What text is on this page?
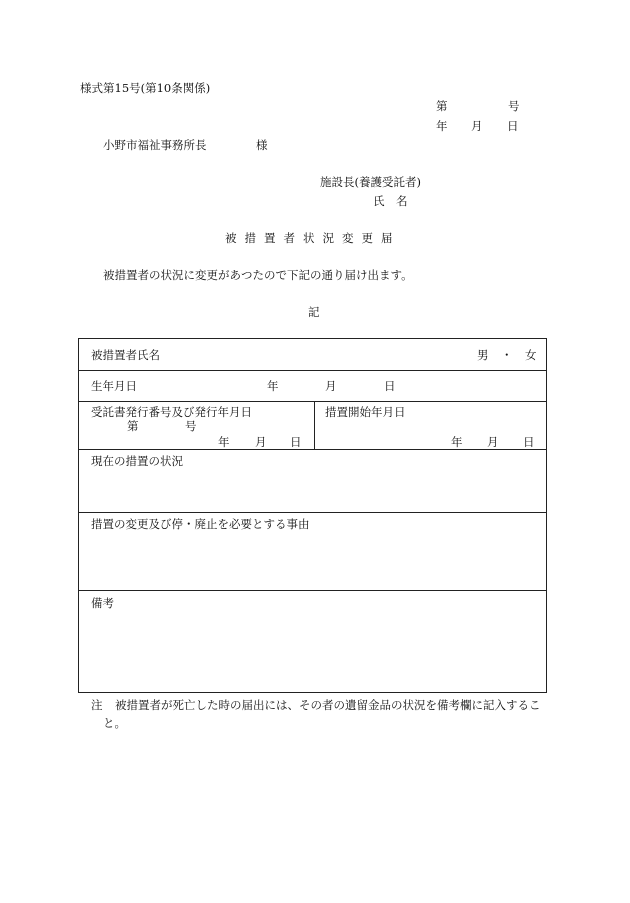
様式第15号(第10条関係)
第	号
年 月 日
小野市福祉事務所長	様
施設長(養護受託者)
氏　名
被措置者状況変更届
被措置者の状況に変更があつたので下記の通り届け出ます。
記
被措置者氏名	男 ・ 女

生年月日	年	月	日

受託書発行番号及び発行年月日
第	号
年 月 日

措置開始年月日
年 月 日

現在の措置の状況

措置の変更及び停・廃止を必要とする事由

備考
注 被措置者が死亡した時の届出には、その者の遺留金品の状況を備考欄に記入するこ
と。
